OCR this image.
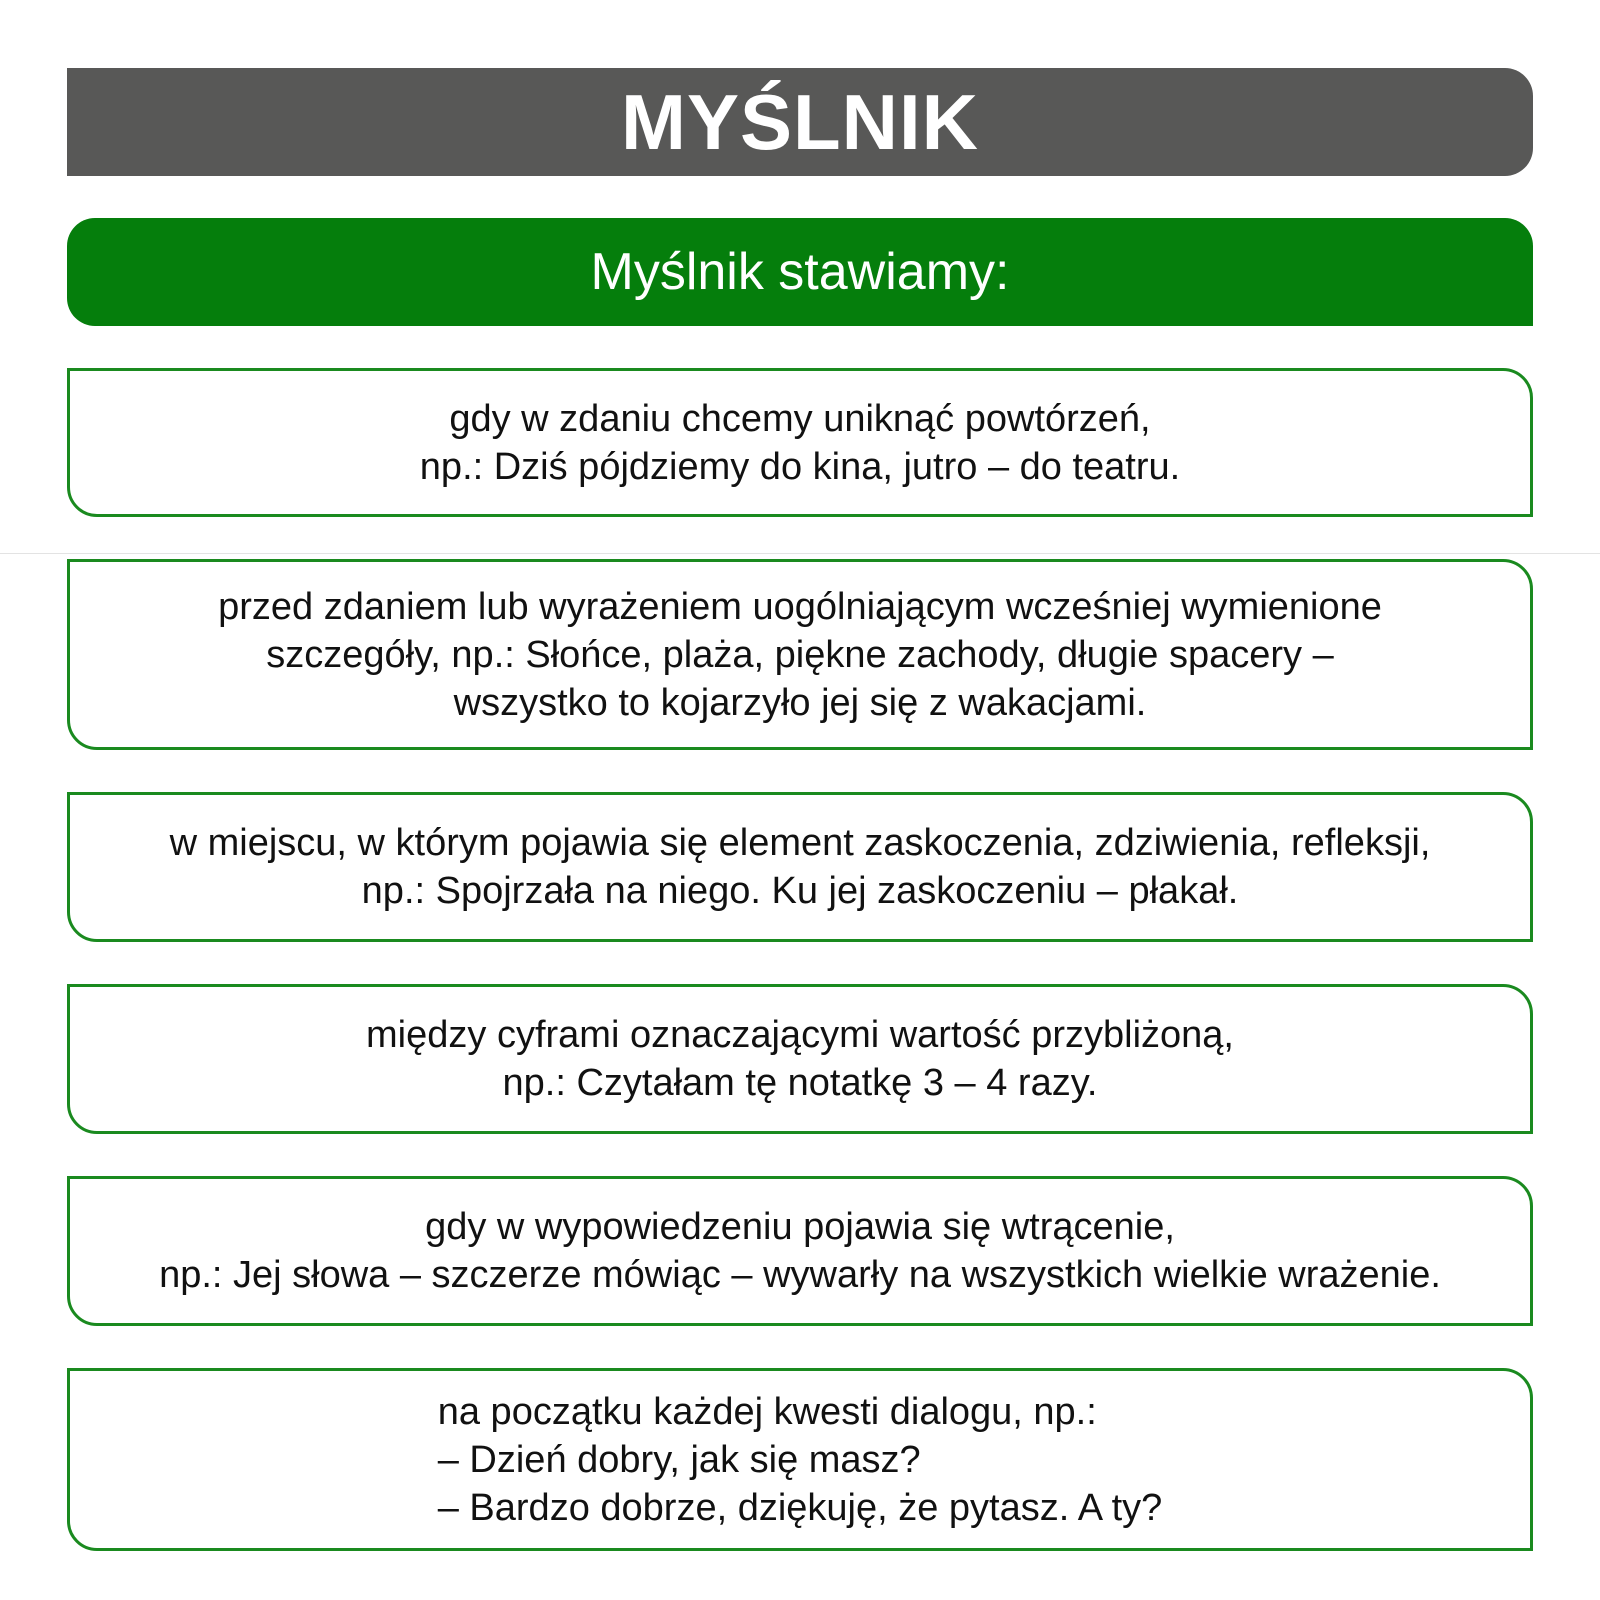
MYŚLNIK
Myślnik stawiamy:
gdy w zdaniu chcemy uniknąć powtórzeń,
np.: Dziś pójdziemy do kina, jutro – do teatru.
przed zdaniem lub wyrażeniem uogólniającym wcześniej wymienione
szczegóły, np.: Słońce, plaża, piękne zachody, długie spacery –
wszystko to kojarzyło jej się z wakacjami.
w miejscu, w którym pojawia się element zaskoczenia, zdziwienia, refleksji,
np.: Spojrzała na niego. Ku jej zaskoczeniu – płakał.
między cyframi oznaczającymi wartość przybliżoną,
np.: Czytałam tę notatkę 3 – 4 razy.
gdy w wypowiedzeniu pojawia się wtrącenie,
np.: Jej słowa – szczerze mówiąc – wywarły na wszystkich wielkie wrażenie.
na początku każdej kwesti dialogu, np.:
– Dzień dobry, jak się masz?
– Bardzo dobrze, dziękuję, że pytasz. A ty?
